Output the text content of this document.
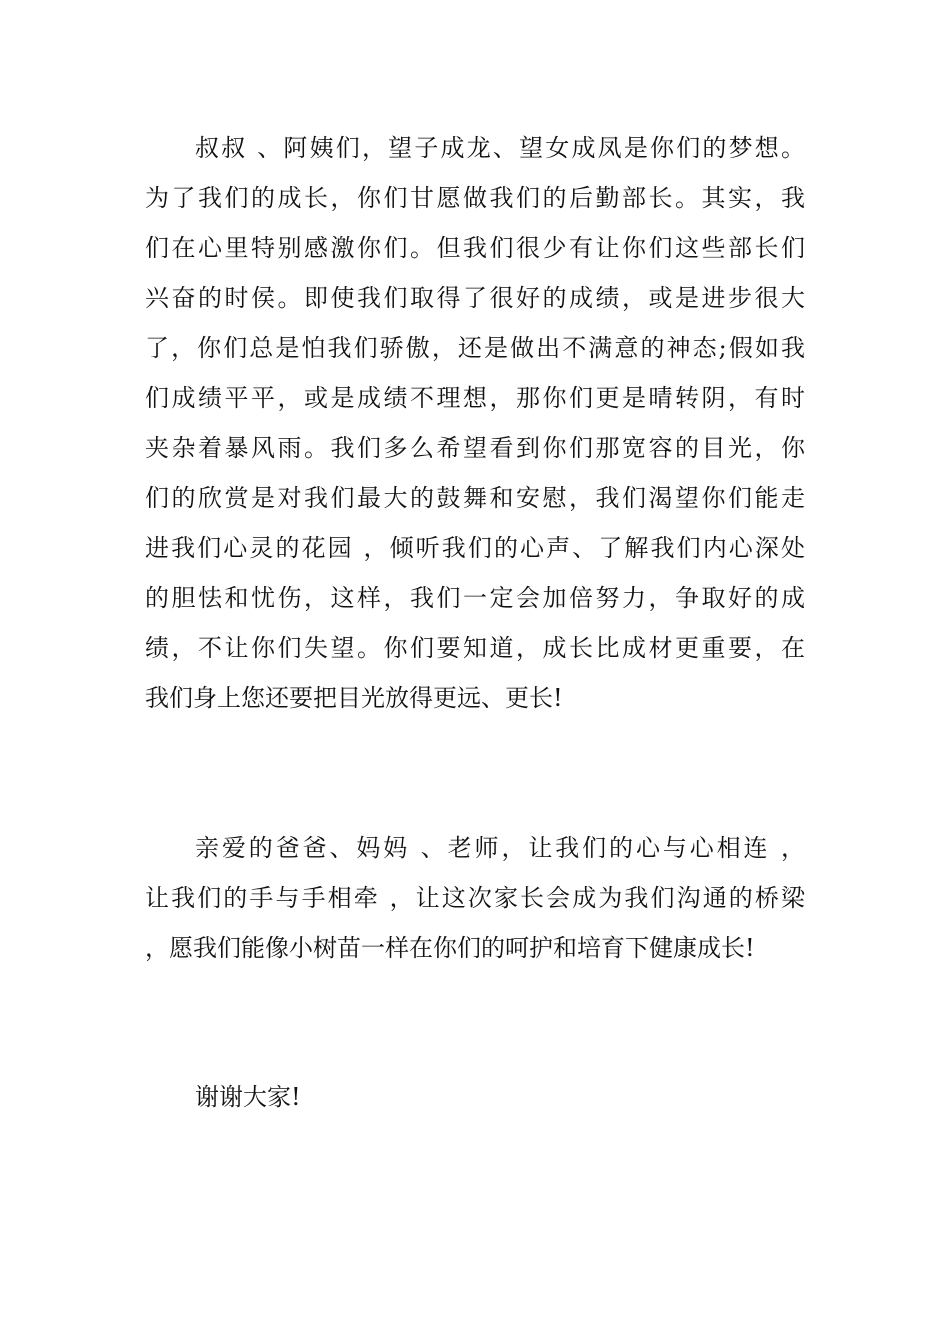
叔叔 、阿姨们，望子成龙、望女成凤是你们的梦想。

为了我们的成长，你们甘愿做我们的后勤部长。其实，我

们在心里特别感激你们。但我们很少有让你们这些部长们

兴奋的时侯。即使我们取得了很好的成绩，或是进步很大

了，你们总是怕我们骄傲，还是做出不满意的神态;假如我

们成绩平平，或是成绩不理想，那你们更是晴转阴，有时

夹杂着暴风雨。我们多么希望看到你们那宽容的目光，你

们的欣赏是对我们最大的鼓舞和安慰，我们渴望你们能走

进我们心灵的花园 ，倾听我们的心声、了解我们内心深处

的胆怯和忧伤，这样，我们一定会加倍努力，争取好的成

绩，不让你们失望。你们要知道，成长比成材更重要，在

我们身上您还要把目光放得更远、更长!

亲爱的爸爸、妈妈 、老师，让我们的心与心相连 ，

让我们的手与手相牵 ，让这次家长会成为我们沟通的桥梁

，愿我们能像小树苗一样在你们的呵护和培育下健康成长!

谢谢大家!
